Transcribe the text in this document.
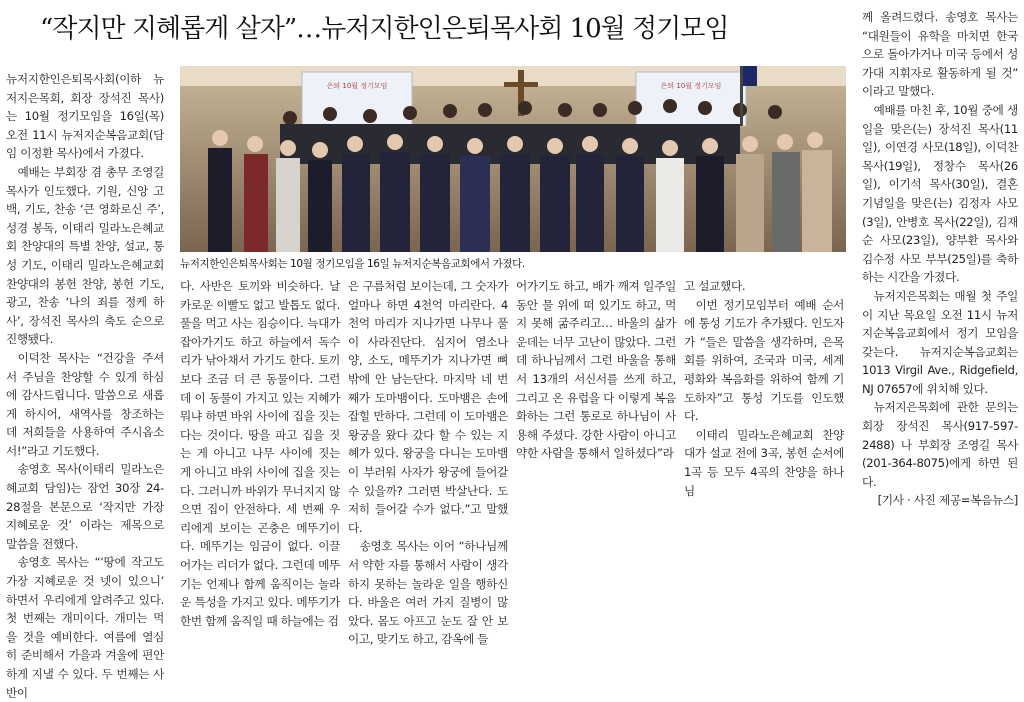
“작지만 지혜롭게 살자”…뉴저지한인은퇴목사회 10월 정기모임

뉴저지한인은퇴목사회(이하 뉴저지은목회, 회장 장석진 목사)는 10월 정기모임을 16일(목) 오전 11시 뉴저지순복음교회(담임 이정환 목사)에서 가졌다.

예배는 부회장 겸 총무 조영길 목사가 인도했다. 기원, 신앙 고백, 기도, 찬송 ‘큰 영화로신 주’, 성경 봉독, 이태리 밀라노은혜교회 찬양대의 특별 찬양, 설교, 통성 기도, 이태리 밀라노은혜교회 찬양대의 봉헌 찬양, 봉헌 기도, 광고, 찬송 ‘나의 죄를 정케 하사’, 장석진 목사의 축도 순으로 진행됐다.

이덕찬 목사는 “건강을 주셔서 주님을 찬양할 수 있게 하심에 감사드립니다. 말씀으로 새롭게 하시어, 새역사를 창조하는 데 저희들을 사용하여 주시옵소서!”라고 기도했다.

송영호 목사(이태리 밀라노은혜교회 담임)는 잠언 30장 24-28절을 본문으로 ‘작지만 가장 지혜로운 것’ 이라는 제목으로 말씀을 전했다.

송영호 목사는 “‘땅에 작고도 가장 지혜로운 것 넷이 있으니’ 하면서 우리에게 알려주고 있다. 첫 번째는 개미이다. 개미는 먹을 것을 예비한다. 여름에 열심히 준비해서 가을과 겨울에 편안하게 지낼 수 있다. 두 번째는 사반이

은퇴 10월 정기모임	은퇴 10월 정기모임
뉴저지한인은퇴목사회는 10월 정기모임을 16일 뉴저지순복음교회에서 가졌다.

다. 사반은 토끼와 비슷하다. 날카로운 이빨도 없고 발톱도 없다. 풀을 먹고 사는 짐승이다. 늑대가 잡아가기도 하고 하늘에서 독수리가 낚아채서 가기도 한다. 토끼보다 조금 더 큰 동물이다. 그런데 이 동물이 가지고 있는 지혜가 뭐냐 하면 바위 사이에 집을 짓는다는 것이다. 땅을 파고 집을 짓는 게 아니고 나무 사이에 짓는 게 아니고 바위 사이에 집을 짓는다. 그러니까 바위가 무너지지 않으면 집이 안전하다. 세 번째 우리에게 보이는 곤충은 메뚜기이다. 메뚜기는 임금이 없다. 이끌어가는 리더가 없다. 그런데 메뚜기는 언제나 함께 움직이는 놀라운 특성을 가지고 있다. 메뚜기가 한번 함께 움직일 때 하늘에는 검

은 구름처럼 보이는데, 그 숫자가 얼마나 하면 4천억 마리란다. 4천억 마리가 지나가면 나무나 풀이 사라진단다. 심지어 염소나 양, 소도, 메뚜기가 지나가면 뼈밖에 안 남는단다. 마지막 네 번째가 도마뱀이다. 도마뱀은 손에 잡힐 만하다. 그런데 이 도마뱀은 왕궁을 왔다 갔다 할 수 있는 지혜가 있다. 왕궁을 다니는 도마뱀이 부러워 사자가 왕궁에 들어갈 수 있을까? 그러면 박살난다. 도저히 들어갈 수가 없다.”고 말했다.

송영호 목사는 이어 “하나님께서 약한 자를 통해서 사람이 생각하지 못하는 놀라운 일을 행하신다. 바울은 여러 가지 질병이 많았다. 몸도 아프고 눈도 잘 안 보이고, 맞기도 하고, 감옥에 들

어가기도 하고, 배가 깨져 일주일 동안 물 위에 떠 있기도 하고, 먹지 못해 굶주리고… 바울의 삶가운데는 너무 고난이 많았다. 그런데 하나님께서 그런 바울을 통해서 13개의 서신서를 쓰게 하고, 그리고 온 유럽을 다 이렇게 복음화하는 그런 통로로 하나님이 사용해 주셨다. 강한 사람이 아니고 약한 사람을 통해서 일하셨다”라

고 설교했다.

이번 정기모임부터 예배 순서에 통성 기도가 추가됐다. 인도자가 “들은 말씀을 생각하며, 은목회를 위하여, 조국과 미국, 세계평화와 복음화를 위하여 함께 기도하자”고 통성 기도를 인도했다.

이태리 밀라노은혜교회 찬양대가 설교 전에 3곡, 봉헌 순서에 1곡 등 모두 4곡의 찬양을 하나님

께 올려드렸다. 송영호 목사는 “대원들이 유학을 마치면 한국으로 돌아가거나 미국 등에서 성가대 지휘자로 활동하게 될 것” 이라고 말했다.

예배를 마친 후, 10월 중에 생일을 맞은(는) 장석진 목사(11일), 이연경 사모(18일), 이덕찬 목사(19일), 정창수 목사(26일), 이기석 목사(30일), 결혼 기념일을 맞은(는) 김정자 사모(3일), 안병호 목사(22일), 김재순 사모(23일), 양부환 목사와 김수정 사모 부부(25일)를 축하하는 시간을 가졌다.

뉴저지은목회는 매월 첫 주일이 지난 목요일 오전 11시 뉴저지순복음교회에서 정기 모임을 갖는다. 뉴저지순복음교회는 1013 Virgil Ave., Ridgefield, NJ 07657에 위치해 있다.

뉴저지은목회에 관한 문의는 회장 장석진 목사(917-597-2488) 나 부회장 조영길 목사(201-364-8075)에게 하면 된다.

[기사 · 사진 제공=복음뉴스]
